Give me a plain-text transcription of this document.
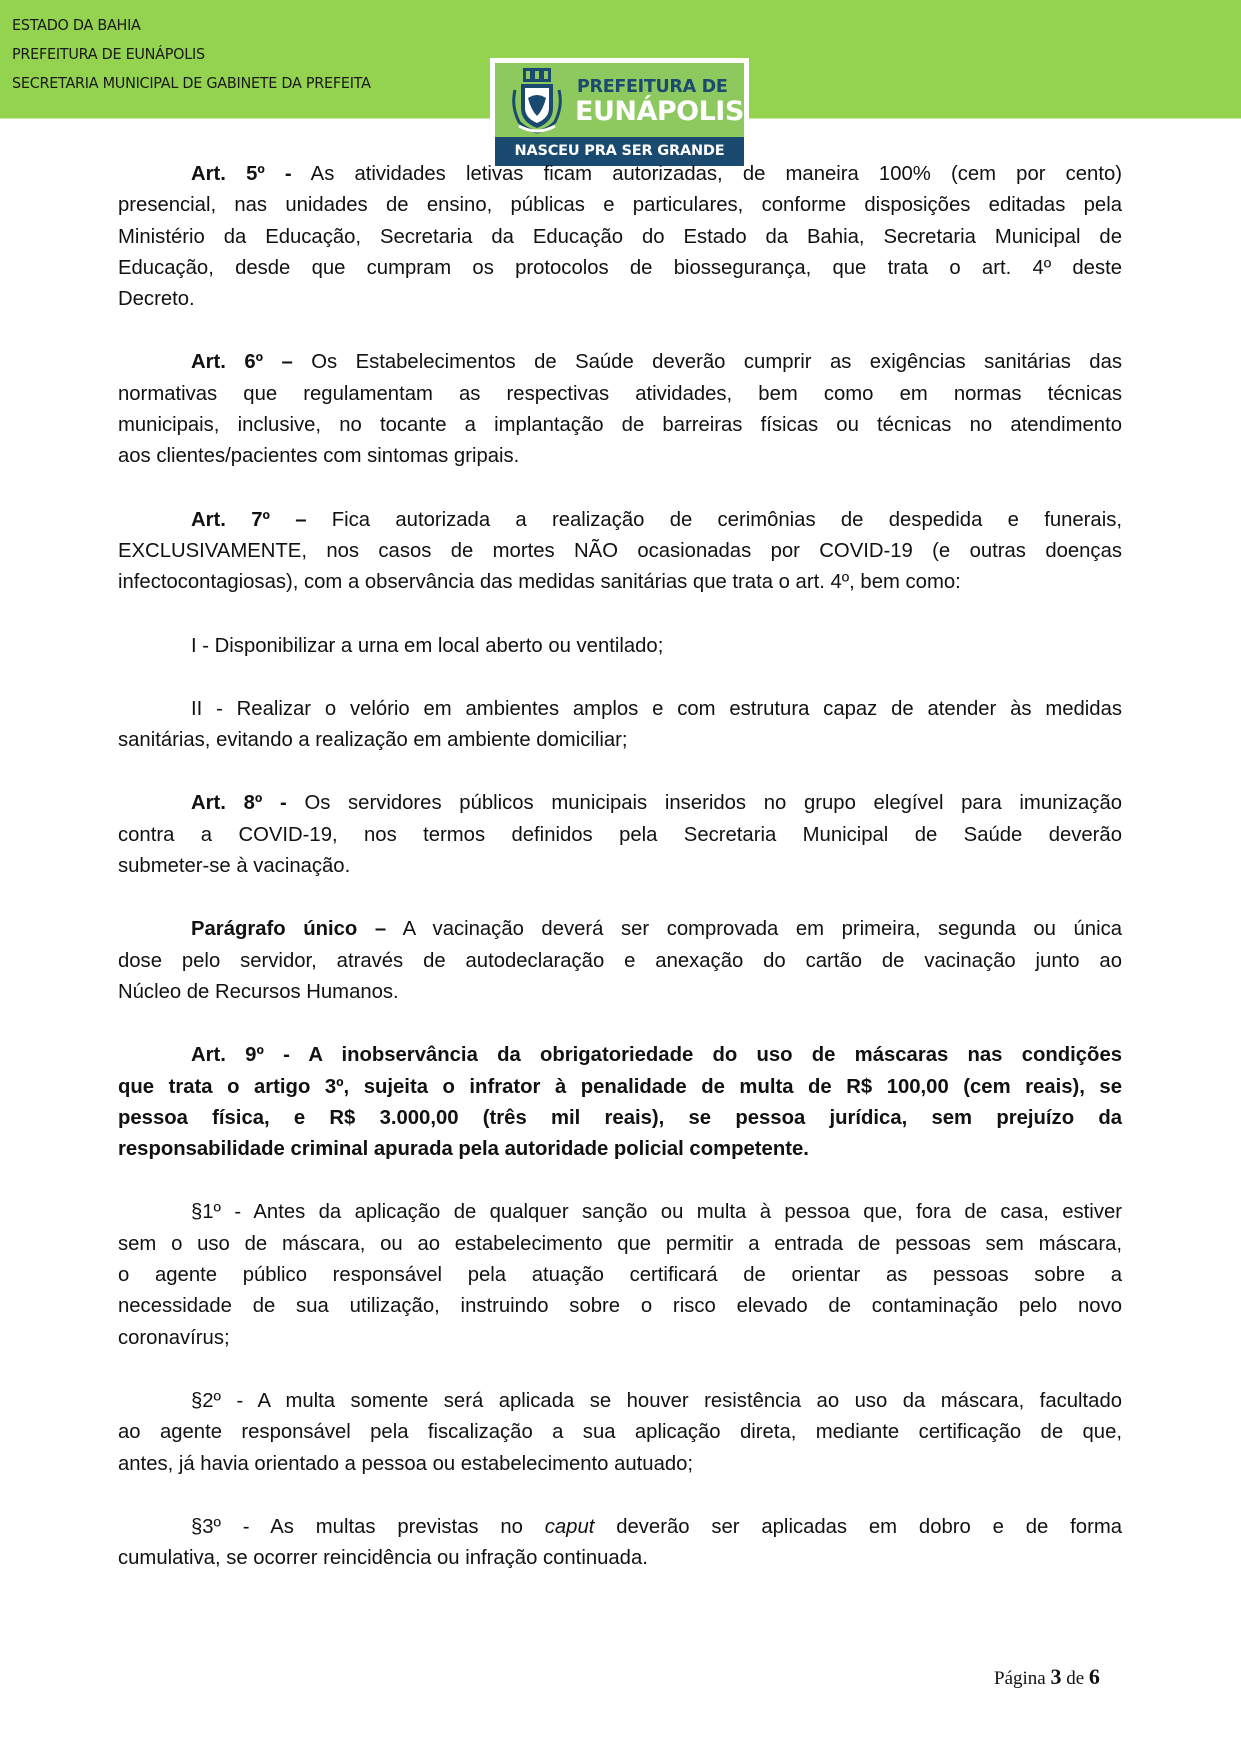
ESTADO DA BAHIA
PREFEITURA DE EUNÁPOLIS
SECRETARIA MUNICIPAL DE GABINETE DA PREFEITA	PREFEITURA DE
EUNÁPOLIS
NASCEU PRA SER GRANDE
Art. 5º - As atividades letivas ficam autorizadas, de maneira 100% (cem por cento)
presencial, nas unidades de ensino, públicas e particulares, conforme disposições editadas pela
Ministério da Educação, Secretaria da Educação do Estado da Bahia, Secretaria Municipal de
Educação, desde que cumpram os protocolos de biossegurança, que trata o art. 4º deste
Decreto.
Art. 6º – Os Estabelecimentos de Saúde deverão cumprir as exigências sanitárias das
normativas que regulamentam as respectivas atividades, bem como em normas técnicas
municipais, inclusive, no tocante a implantação de barreiras físicas ou técnicas no atendimento
aos clientes/pacientes com sintomas gripais.
Art. 7º – Fica autorizada a realização de cerimônias de despedida e funerais,
EXCLUSIVAMENTE, nos casos de mortes NÃO ocasionadas por COVID-19 (e outras doenças
infectocontagiosas), com a observância das medidas sanitárias que trata o art. 4º, bem como:
I - Disponibilizar a urna em local aberto ou ventilado;
II - Realizar o velório em ambientes amplos e com estrutura capaz de atender às medidas
sanitárias, evitando a realização em ambiente domiciliar;
Art. 8º - Os servidores públicos municipais inseridos no grupo elegível para imunização
contra a COVID-19, nos termos definidos pela Secretaria Municipal de Saúde deverão
submeter-se à vacinação.
Parágrafo único – A vacinação deverá ser comprovada em primeira, segunda ou única
dose pelo servidor, através de autodeclaração e anexação do cartão de vacinação junto ao
Núcleo de Recursos Humanos.
Art. 9º - A inobservância da obrigatoriedade do uso de máscaras nas condições
que trata o artigo 3º, sujeita o infrator à penalidade de multa de R$ 100,00 (cem reais), se
pessoa física, e R$ 3.000,00 (três mil reais), se pessoa jurídica, sem prejuízo da
responsabilidade criminal apurada pela autoridade policial competente.
§1º - Antes da aplicação de qualquer sanção ou multa à pessoa que, fora de casa, estiver
sem o uso de máscara, ou ao estabelecimento que permitir a entrada de pessoas sem máscara,
o agente público responsável pela atuação certificará de orientar as pessoas sobre a
necessidade de sua utilização, instruindo sobre o risco elevado de contaminação pelo novo
coronavírus;
§2º - A multa somente será aplicada se houver resistência ao uso da máscara, facultado
ao agente responsável pela fiscalização a sua aplicação direta, mediante certificação de que,
antes, já havia orientado a pessoa ou estabelecimento autuado;
§3º - As multas previstas no caput deverão ser aplicadas em dobro e de forma
cumulativa, se ocorrer reincidência ou infração continuada.
Página 3 de 6
